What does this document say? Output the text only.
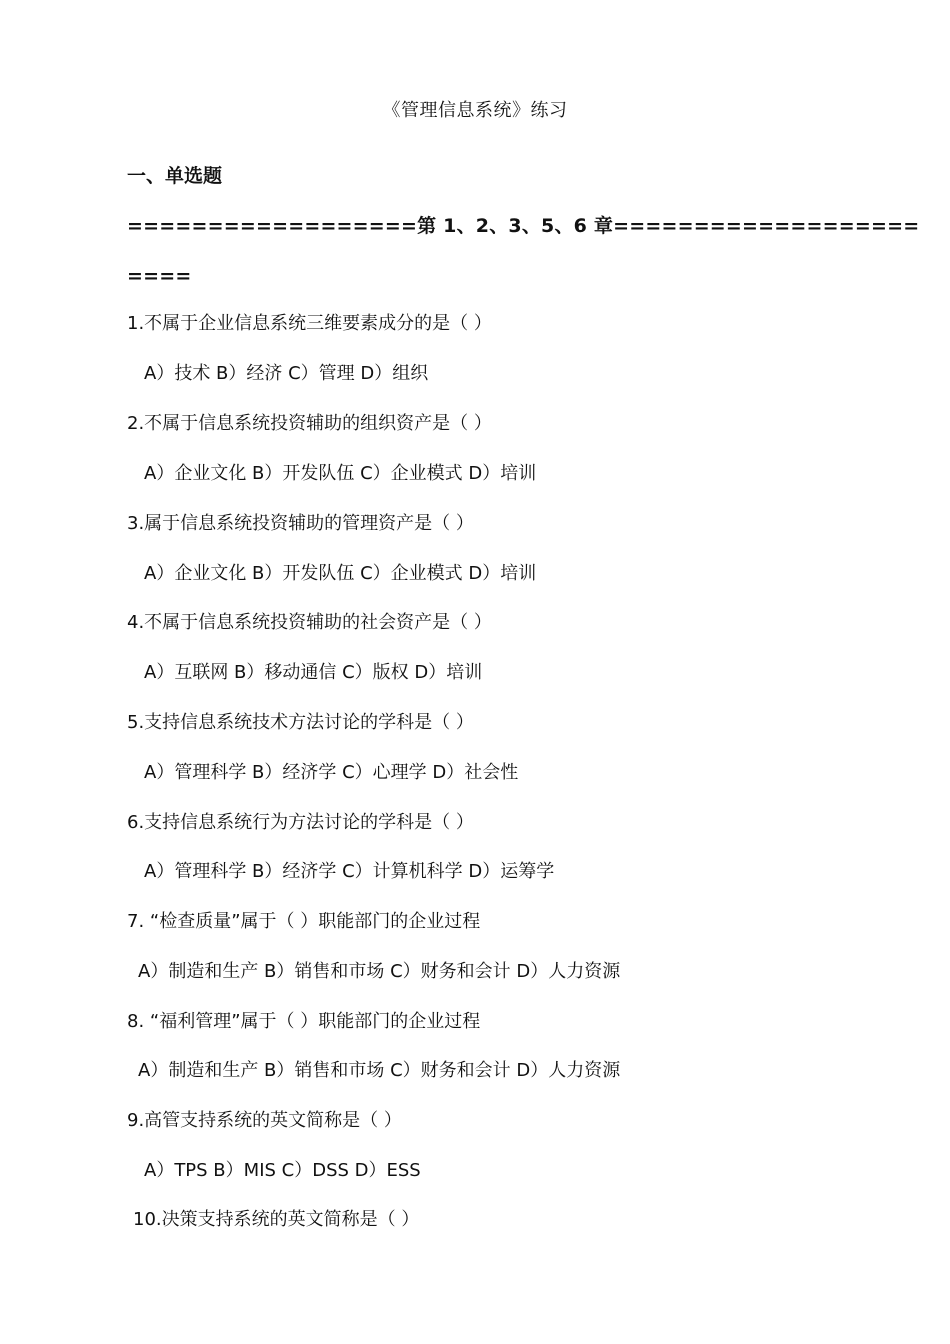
《管理信息系统》练习
一、单选题
==================第 1、2、3、5、6 章===================
====
1.不属于企业信息系统三维要素成分的是（ ）
A）技术 B）经济 C）管理 D）组织
2.不属于信息系统投资辅助的组织资产是（ ）
A）企业文化 B）开发队伍 C）企业模式 D）培训
3.属于信息系统投资辅助的管理资产是（ ）
A）企业文化 B）开发队伍 C）企业模式 D）培训
4.不属于信息系统投资辅助的社会资产是（ ）
A）互联网 B）移动通信 C）版权 D）培训
5.支持信息系统技术方法讨论的学科是（ ）
A）管理科学 B）经济学 C）心理学 D）社会性
6.支持信息系统行为方法讨论的学科是（ ）
A）管理科学 B）经济学 C）计算机科学 D）运筹学
7. “检查质量”属于（ ）职能部门的企业过程
A）制造和生产 B）销售和市场 C）财务和会计 D）人力资源
8. “福利管理”属于（ ）职能部门的企业过程
A）制造和生产 B）销售和市场 C）财务和会计 D）人力资源
9.高管支持系统的英文简称是（ ）
A）TPS B）MIS C）DSS D）ESS
10.决策支持系统的英文简称是（ ）
